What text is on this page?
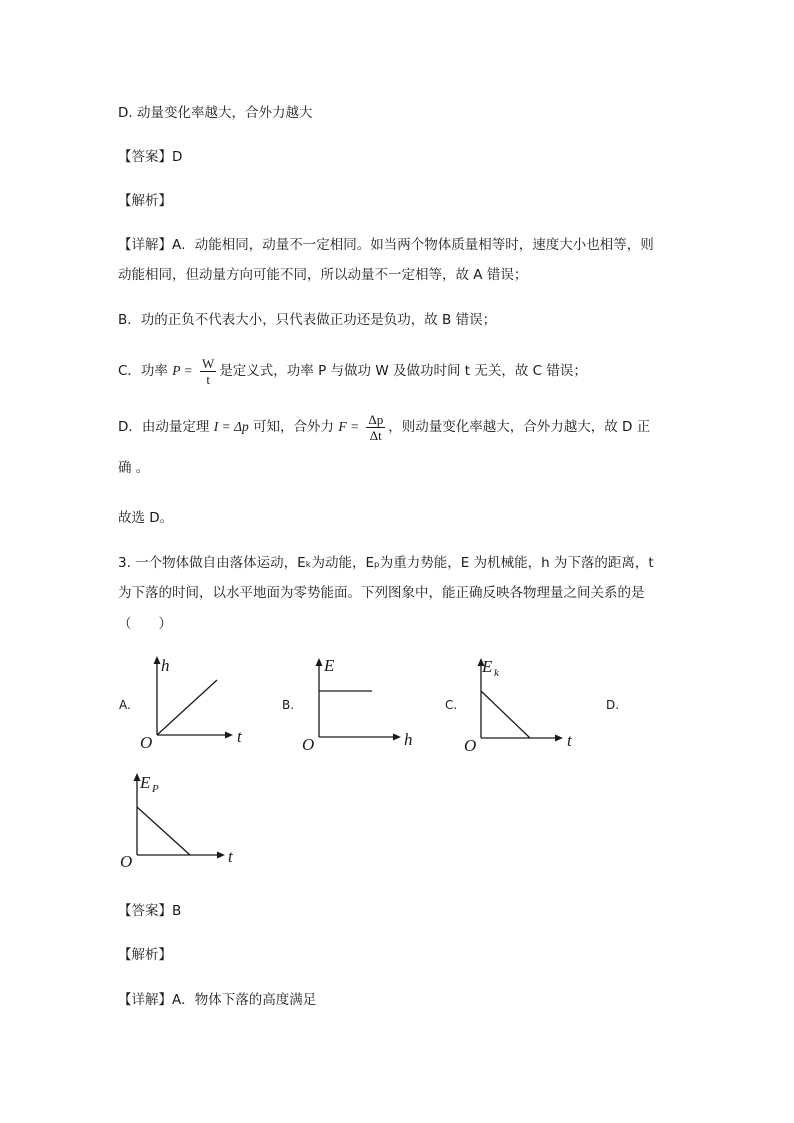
D. 动量变化率越大，合外力越大
【答案】D
【解析】
【详解】A．动能相同，动量不一定相同。如当两个物体质量相等时，速度大小也相等，则
动能相同，但动量方向可能不同，所以动量不一定相等，故 A 错误；
B．功的正负不代表大小，只代表做正功还是负功，故 B 错误；
C．功率 $P = \frac{W}{t}$ 是定义式，功率 P 与做功 W 及做功时间 t 无关，故 C 错误；
D．由动量定理 I = Δp 可知，合外力 $F = \frac{\Delta p}{\Delta t}$ ，则动量变化率越大，合外力越大，故 D 正
确 。
故选 D。
3. 一个物体做自由落体运动，Eₖ为动能，Eₚ为重力势能，E 为机械能，h 为下落的距离，t
为下落的时间，以水平地面为零势能面。下列图象中，能正确反映各物理量之间关系的是
（　　）
A.	B.	C.	D.
h
t
O
E
h
O
E k
t
O
E P
t
O
【答案】B
【解析】
【详解】A．物体下落的高度满足
